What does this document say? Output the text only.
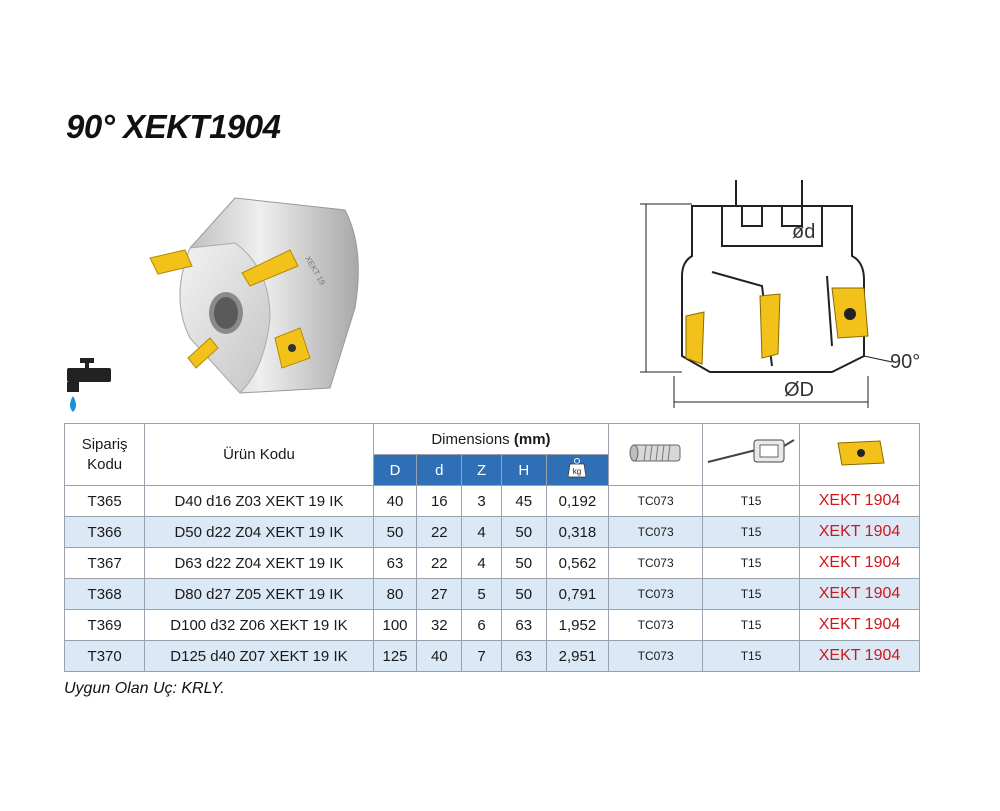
90° XEKT1904
XEKT 19
ød
ØD
90°
Sipariş
Kodu	Ürün Kodu	Dimensions (mm)			
		D	d	Z	H	kg			

T365	D40 d16 Z03 XEKT 19 IK	40	16	3	45	0,192	TC073	T15	XEKT 1904
T366	D50 d22 Z04 XEKT 19 IK	50	22	4	50	0,318	TC073	T15	XEKT 1904
T367	D63 d22 Z04 XEKT 19 IK	63	22	4	50	0,562	TC073	T15	XEKT 1904
T368	D80 d27 Z05 XEKT 19 IK	80	27	5	50	0,791	TC073	T15	XEKT 1904
T369	D100 d32 Z06 XEKT 19 IK	100	32	6	63	1,952	TC073	T15	XEKT 1904
T370	D125 d40 Z07 XEKT 19 IK	125	40	7	63	2,951	TC073	T15	XEKT 1904
Uygun Olan Uç: KRLY.
